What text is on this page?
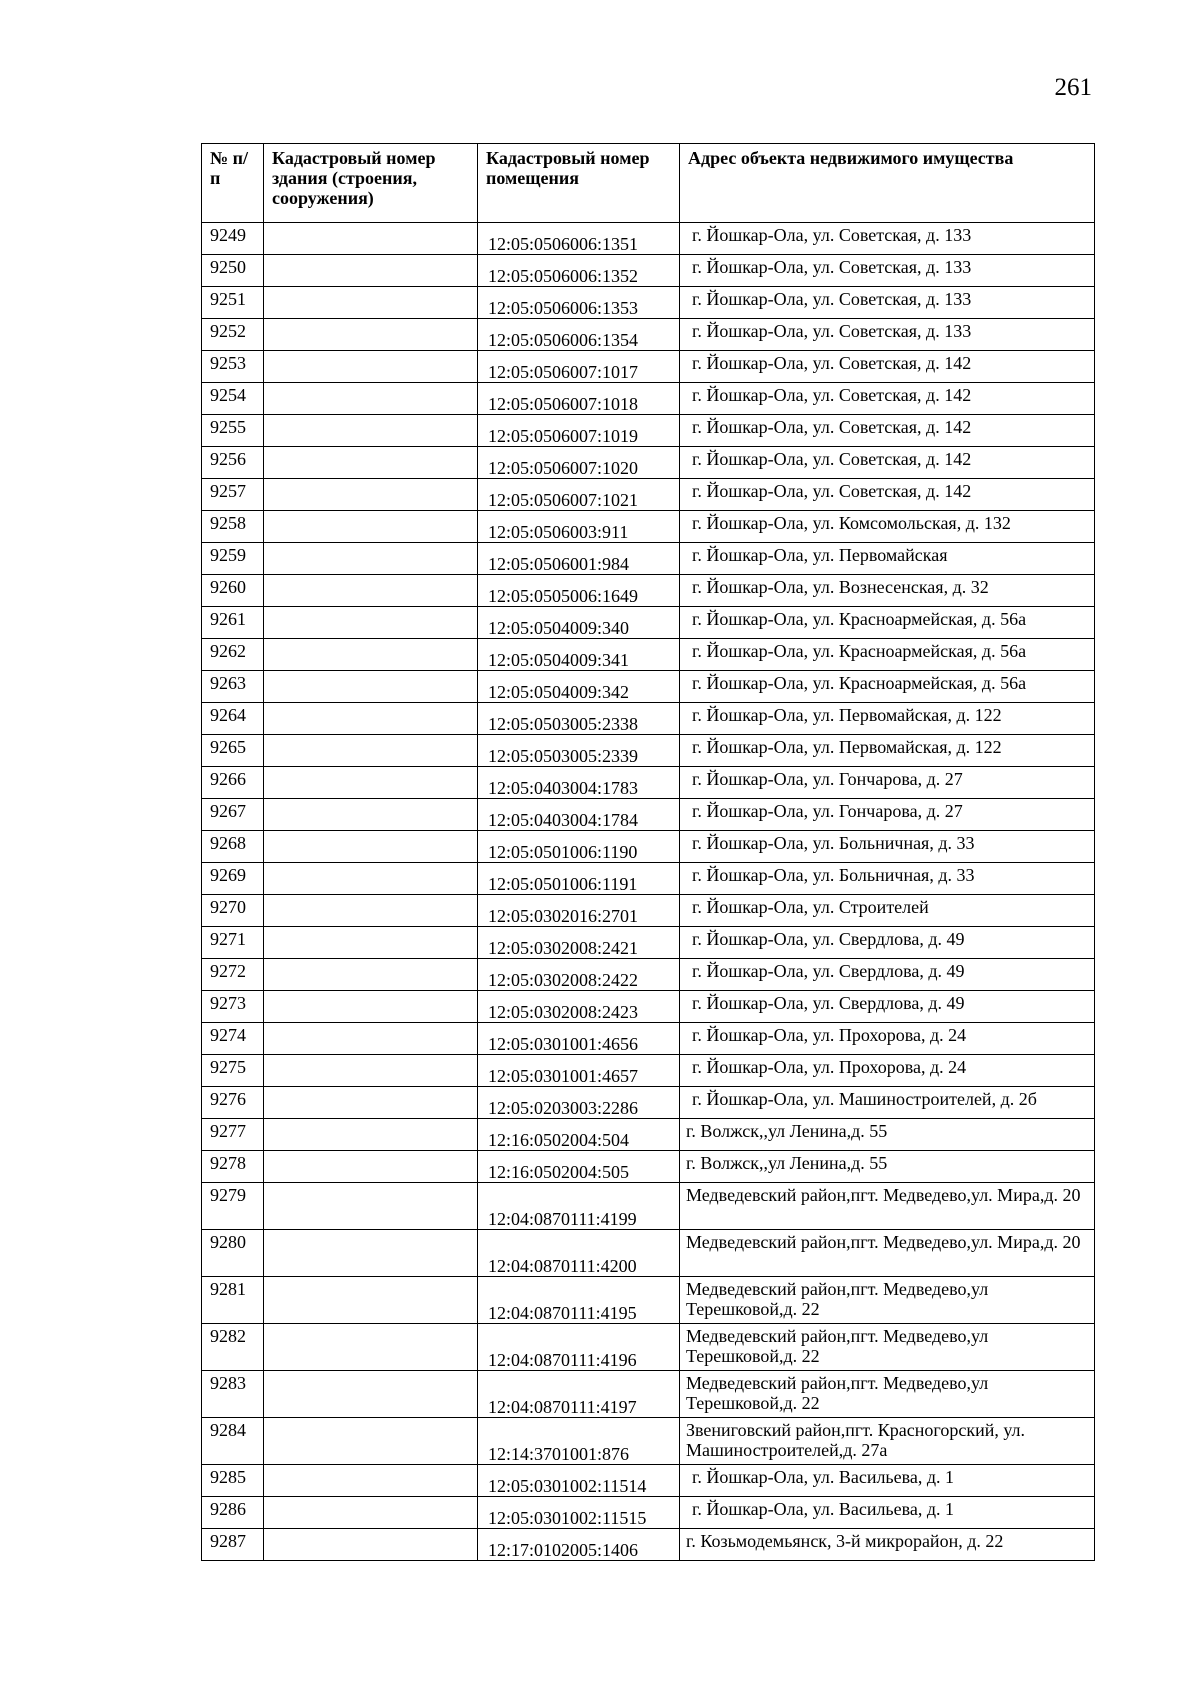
261
№ п/п	Кадастровый номер здания (строения, сооружения)	Кадастровый номер помещения	Адрес объекта недвижимого имущества
9249		12:05:0506006:1351	г. Йошкар-Ола, ул. Советская, д. 133
9250		12:05:0506006:1352	г. Йошкар-Ола, ул. Советская, д. 133
9251		12:05:0506006:1353	г. Йошкар-Ола, ул. Советская, д. 133
9252		12:05:0506006:1354	г. Йошкар-Ола, ул. Советская, д. 133
9253		12:05:0506007:1017	г. Йошкар-Ола, ул. Советская, д. 142
9254		12:05:0506007:1018	г. Йошкар-Ола, ул. Советская, д. 142
9255		12:05:0506007:1019	г. Йошкар-Ола, ул. Советская, д. 142
9256		12:05:0506007:1020	г. Йошкар-Ола, ул. Советская, д. 142
9257		12:05:0506007:1021	г. Йошкар-Ола, ул. Советская, д. 142
9258		12:05:0506003:911	г. Йошкар-Ола, ул. Комсомольская, д. 132
9259		12:05:0506001:984	г. Йошкар-Ола, ул. Первомайская
9260		12:05:0505006:1649	г. Йошкар-Ола, ул. Вознесенская, д. 32
9261		12:05:0504009:340	г. Йошкар-Ола, ул. Красноармейская, д. 56а
9262		12:05:0504009:341	г. Йошкар-Ола, ул. Красноармейская, д. 56а
9263		12:05:0504009:342	г. Йошкар-Ола, ул. Красноармейская, д. 56а
9264		12:05:0503005:2338	г. Йошкар-Ола, ул. Первомайская, д. 122
9265		12:05:0503005:2339	г. Йошкар-Ола, ул. Первомайская, д. 122
9266		12:05:0403004:1783	г. Йошкар-Ола, ул. Гончарова, д. 27
9267		12:05:0403004:1784	г. Йошкар-Ола, ул. Гончарова, д. 27
9268		12:05:0501006:1190	г. Йошкар-Ола, ул. Больничная, д. 33
9269		12:05:0501006:1191	г. Йошкар-Ола, ул. Больничная, д. 33
9270		12:05:0302016:2701	г. Йошкар-Ола, ул. Строителей
9271		12:05:0302008:2421	г. Йошкар-Ола, ул. Свердлова, д. 49
9272		12:05:0302008:2422	г. Йошкар-Ола, ул. Свердлова, д. 49
9273		12:05:0302008:2423	г. Йошкар-Ола, ул. Свердлова, д. 49
9274		12:05:0301001:4656	г. Йошкар-Ола, ул. Прохорова, д. 24
9275		12:05:0301001:4657	г. Йошкар-Ола, ул. Прохорова, д. 24
9276		12:05:0203003:2286	г. Йошкар-Ола, ул. Машиностроителей, д. 2б
9277		12:16:0502004:504	г. Волжск,,ул Ленина,д. 55
9278		12:16:0502004:505	г. Волжск,,ул Ленина,д. 55
9279		12:04:0870111:4199	Медведевский район,пгт. Медведево,ул. Мира,д. 20
9280		12:04:0870111:4200	Медведевский район,пгт. Медведево,ул. Мира,д. 20
9281		12:04:0870111:4195	Медведевский район,пгт. Медведево,ул Терешковой,д. 22
9282		12:04:0870111:4196	Медведевский район,пгт. Медведево,ул Терешковой,д. 22
9283		12:04:0870111:4197	Медведевский район,пгт. Медведево,ул Терешковой,д. 22
9284		12:14:3701001:876	Звениговский район,пгт. Красногорский, ул. Машиностроителей,д. 27а
9285		12:05:0301002:11514	г. Йошкар-Ола, ул. Васильева, д. 1
9286		12:05:0301002:11515	г. Йошкар-Ола, ул. Васильева, д. 1
9287		12:17:0102005:1406	г. Козьмодемьянск, 3-й микрорайон, д. 22
